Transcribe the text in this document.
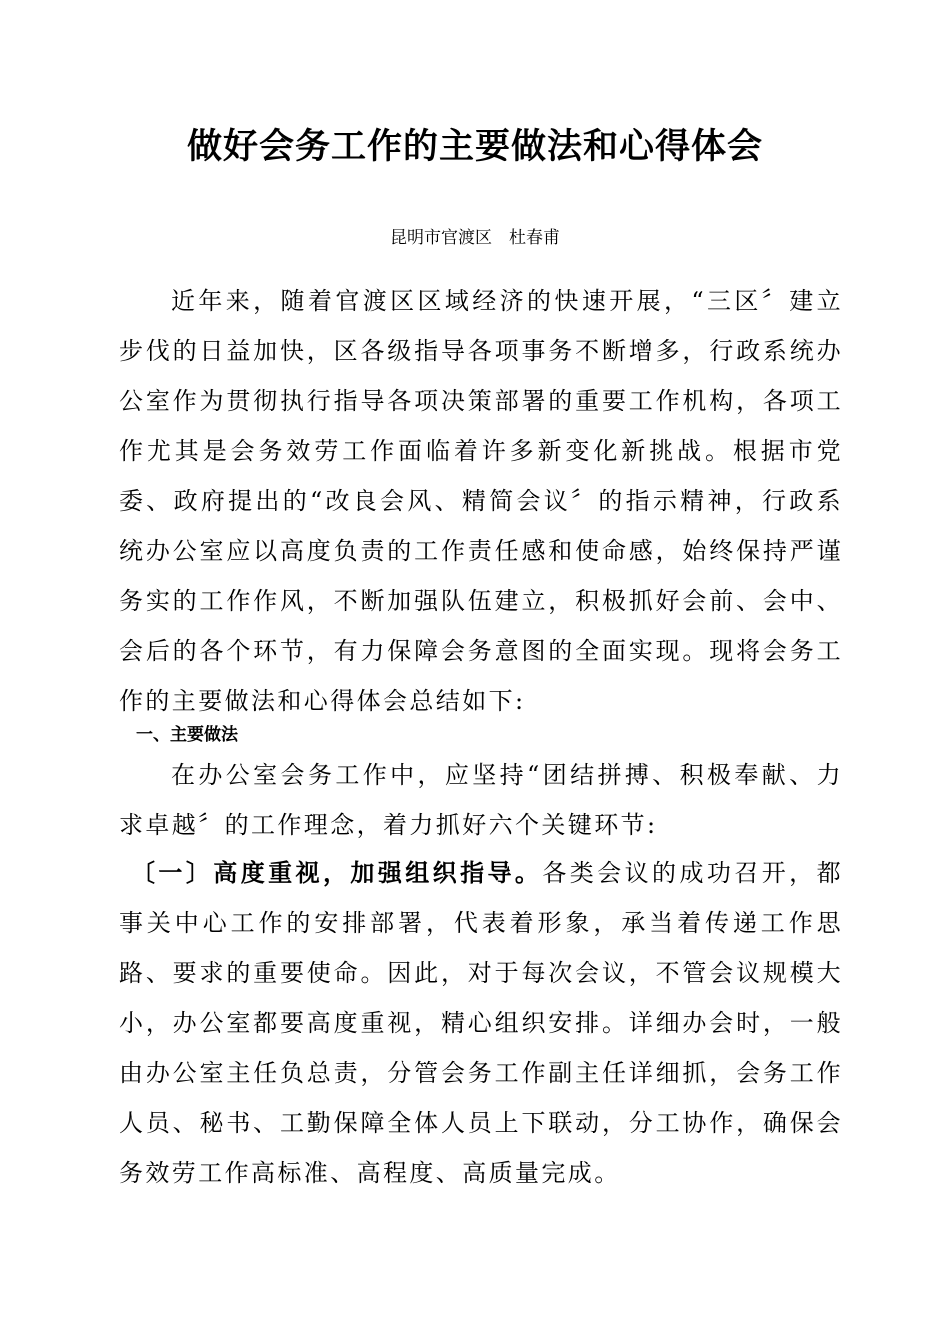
做好会务工作的主要做法和心得体会
昆明市官渡区　杜春甫
近年来，随着官渡区区域经济的快速开展，“三区〞建立步伐的日益加快，区各级指导各项事务不断增多，行政系统办公室作为贯彻执行指导各项决策部署的重要工作机构，各项工作尤其是会务效劳工作面临着许多新变化新挑战。根据市党委、政府提出的“改良会风、精简会议〞的指示精神，行政系统办公室应以高度负责的工作责任感和使命感，始终保持严谨务实的工作作风，不断加强队伍建立，积极抓好会前、会中、会后的各个环节，有力保障会务意图的全面实现。现将会务工作的主要做法和心得体会总结如下:
一、主要做法
在办公室会务工作中，应坚持“团结拼搏、积极奉献、力求卓越〞的工作理念，着力抓好六个关键环节:
〔一〕高度重视，加强组织指导。各类会议的成功召开，都事关中心工作的安排部署，代表着形象，承当着传递工作思路、要求的重要使命。因此，对于每次会议，不管会议规模大小，办公室都要高度重视，精心组织安排。详细办会时，一般由办公室主任负总责，分管会务工作副主任详细抓，会务工作人员、秘书、工勤保障全体人员上下联动，分工协作，确保会务效劳工作高标准、高程度、高质量完成。
